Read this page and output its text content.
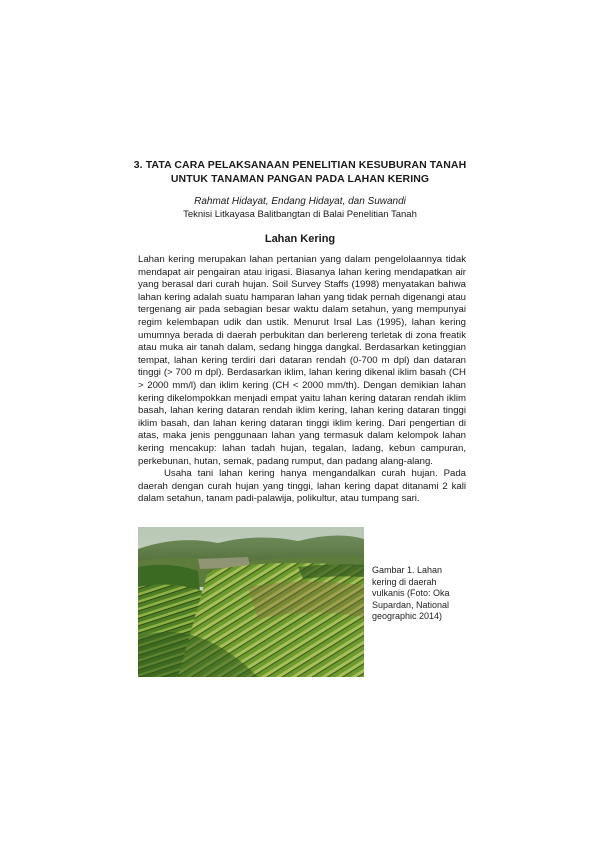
3. TATA CARA PELAKSANAAN PENELITIAN KESUBURAN TANAH
UNTUK TANAMAN PANGAN PADA LAHAN KERING
Rahmat Hidayat, Endang Hidayat, dan Suwandi
Teknisi Litkayasa Balitbangtan di Balai Penelitian Tanah
Lahan Kering

Lahan kering merupakan lahan pertanian yang dalam pengelolaannya tidak mendapat air pengairan atau irigasi. Biasanya lahan kering mendapatkan air yang berasal dari curah hujan. Soil Survey Staffs (1998) menyatakan bahwa lahan kering adalah suatu hamparan lahan yang tidak pernah digenangi atau tergenang air pada sebagian besar waktu dalam setahun, yang mempunyai regim kelembapan udik dan ustik. Menurut Irsal Las (1995), lahan kering umumnya berada di daerah perbukitan dan berlereng terletak di zona freatik atau muka air tanah dalam, sedang hingga dangkal. Berdasarkan ketinggian tempat, lahan kering terdiri dari dataran rendah (0-700 m dpl) dan dataran tinggi (> 700 m dpl). Berdasarkan iklim, lahan kering dikenal iklim basah (CH > 2000 mm/l) dan iklim kering (CH < 2000 mm/th). Dengan demikian lahan kering dikelompokkan menjadi empat yaitu lahan kering dataran rendah iklim basah, lahan kering dataran rendah iklim kering, lahan kering dataran tinggi iklim basah, dan lahan kering dataran tinggi iklim kering. Dari pengertian di atas, maka jenis penggunaan lahan yang termasuk dalam kelompok lahan kering mencakup: lahan tadah hujan, tegalan, ladang, kebun campuran, perkebunan, hutan, semak, padang rumput, dan padang alang-alang.

Usaha tani lahan kering hanya mengandalkan curah hujan. Pada daerah dengan curah hujan yang tinggi, lahan kering dapat ditanami 2 kali dalam setahun, tanam padi-palawija, polikultur, atau tumpang sari.

Gambar 1. Lahan kering di daerah vulkanis (Foto: Oka Supardan, National geographic 2014)
